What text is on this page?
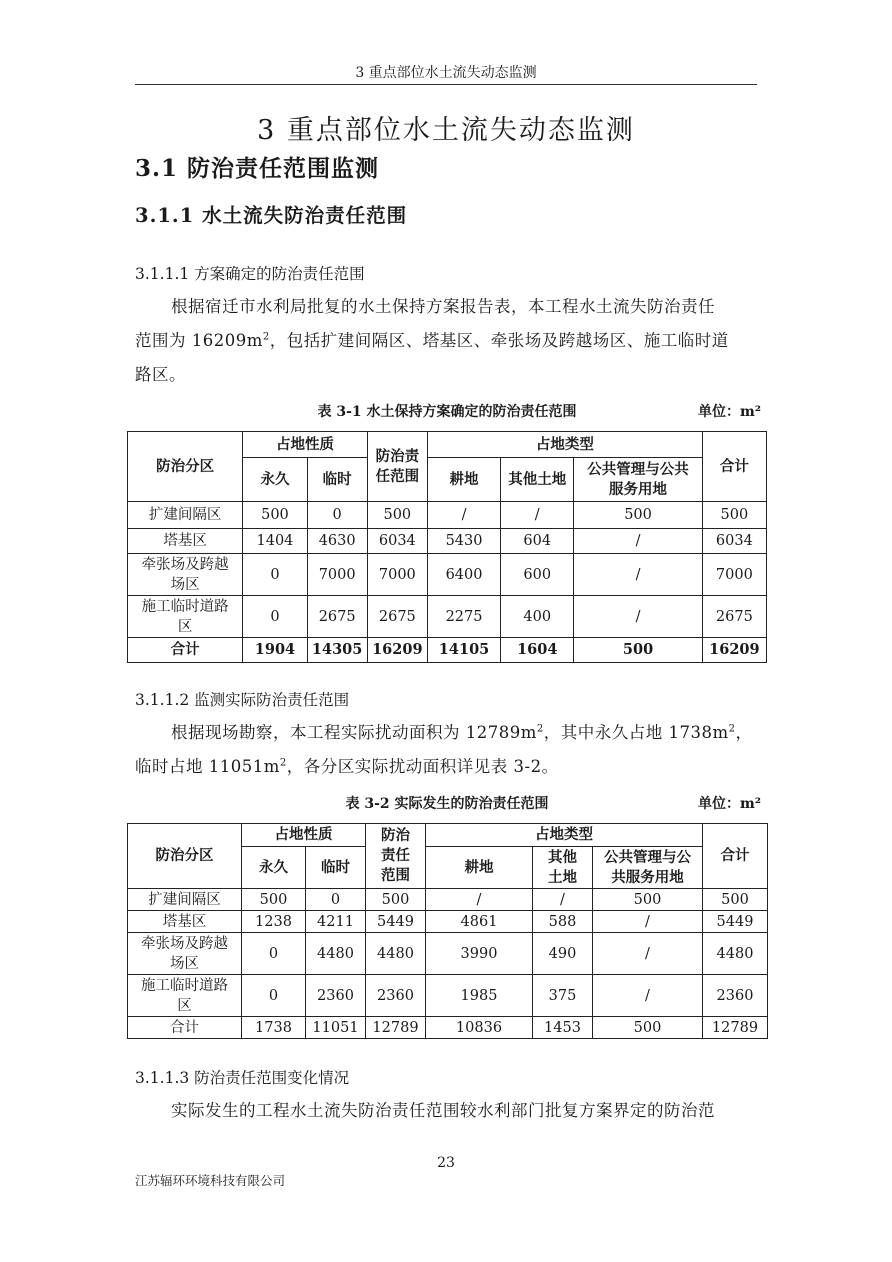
3 重点部位水土流失动态监测
3 重点部位水土流失动态监测
3.1 防治责任范围监测
3.1.1 水土流失防治责任范围
3.1.1.1 方案确定的防治责任范围
根据宿迁市水利局批复的水土保持方案报告表，本工程水土流失防治责任
范围为 $16209m^2$，包括扩建间隔区、塔基区、牵张场及跨越场区、施工临时道
路区。
表 3-1 水土保持方案确定的防治责任范围	单位：m²
防治分区	占地性质		防治责任范围	占地类型			合计
	永久	临时		耕地	其他土地	公共管理与公共服务用地	
扩建间隔区	500	0	500	/	/	500	500
塔基区	1404	4630	6034	5430	604	/	6034
牵张场及跨越场区	0	7000	7000	6400	600	/	7000
施工临时道路区	0	2675	2675	2275	400	/	2675
合计	1904	14305	16209	14105	1604	500	16209
3.1.1.2 监测实际防治责任范围
根据现场勘察，本工程实际扰动面积为 $12789m^2$，其中永久占地 $1738m^2$，
临时占地 $11051m^2$，各分区实际扰动面积详见表 3-2。
表 3-2 实际发生的防治责任范围	单位：m²
防治分区	占地性质		防治责任范围	占地类型			合计
	永久	临时		耕地	其他土地	公共管理与公共服务用地	
扩建间隔区	500	0	500	/	/	500	500
塔基区	1238	4211	5449	4861	588	/	5449
牵张场及跨越场区	0	4480	4480	3990	490	/	4480
施工临时道路区	0	2360	2360	1985	375	/	2360
合计	1738	11051	12789	10836	1453	500	12789
3.1.1.3 防治责任范围变化情况
实际发生的工程水土流失防治责任范围较水利部门批复方案界定的防治范
23
江苏辐环环境科技有限公司
